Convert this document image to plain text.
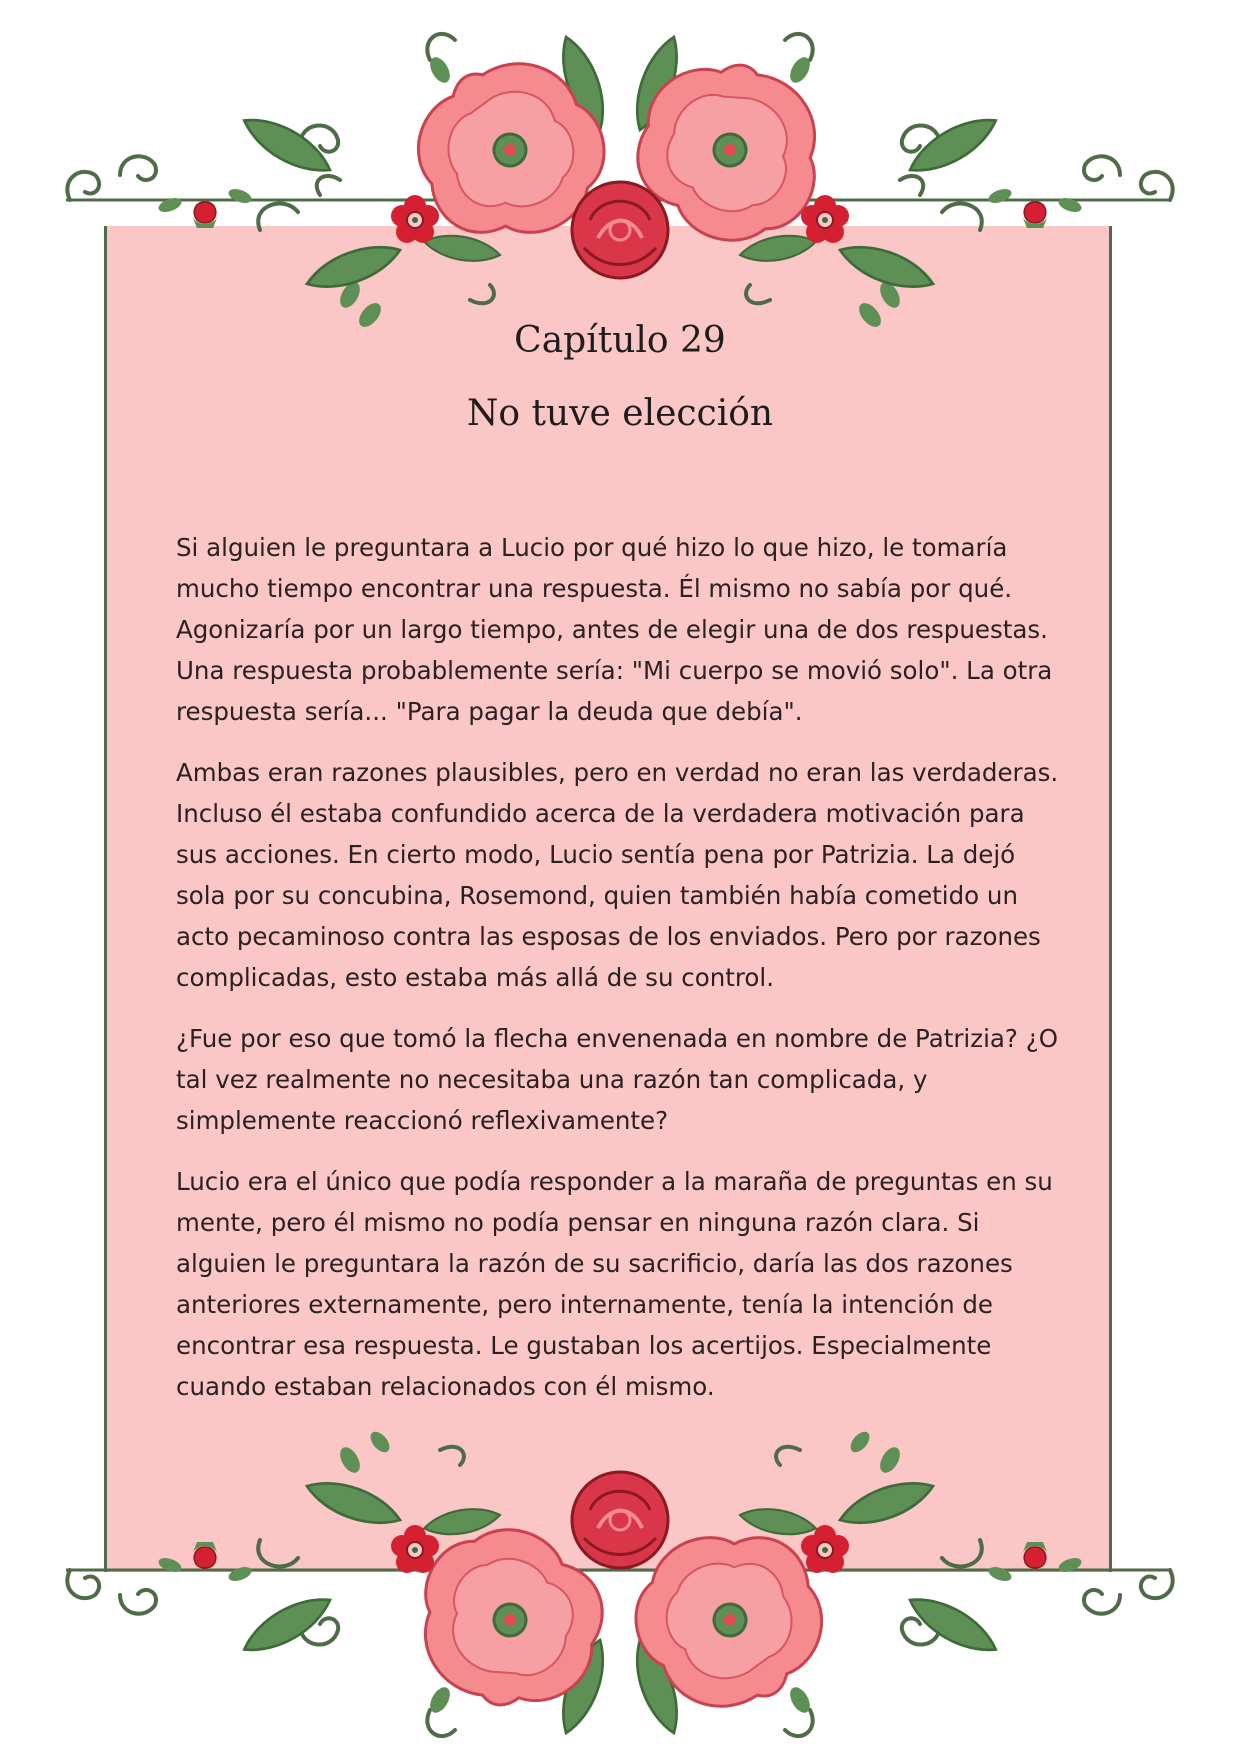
Capítulo 29
No tuve elección

Si alguien le preguntara a Lucio por qué hizo lo que hizo, le tomaría mucho tiempo encontrar una respuesta. Él mismo no sabía por qué. Agonizaría por un largo tiempo, antes de elegir una de dos respuestas. Una respuesta probablemente sería: "Mi cuerpo se movió solo". La otra respuesta sería... "Para pagar la deuda que debía".

Ambas eran razones plausibles, pero en verdad no eran las verdaderas. Incluso él estaba confundido acerca de la verdadera motivación para sus acciones. En cierto modo, Lucio sentía pena por Patrizia. La dejó sola por su concubina, Rosemond, quien también había cometido un acto pecaminoso contra las esposas de los enviados. Pero por razones complicadas, esto estaba más allá de su control.

¿Fue por eso que tomó la flecha envenenada en nombre de Patrizia? ¿O tal vez realmente no necesitaba una razón tan complicada, y simplemente reaccionó reflexivamente?

Lucio era el único que podía responder a la maraña de preguntas en su mente, pero él mismo no podía pensar en ninguna razón clara. Si alguien le preguntara la razón de su sacrificio, daría las dos razones anteriores externamente, pero internamente, tenía la intención de encontrar esa respuesta. Le gustaban los acertijos. Especialmente cuando estaban relacionados con él mismo.
